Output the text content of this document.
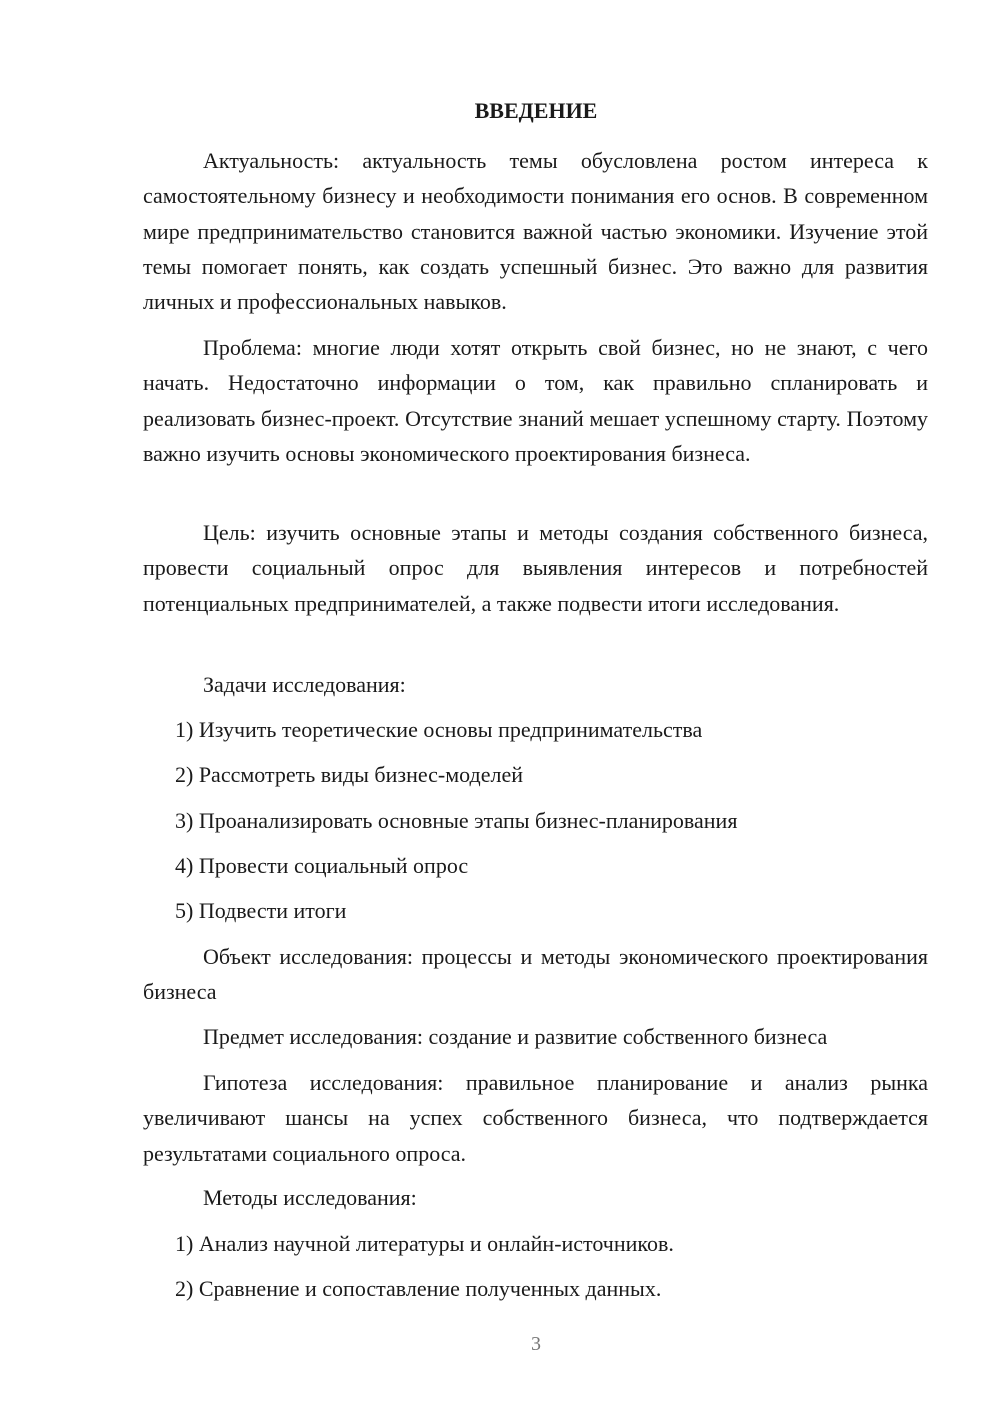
ВВЕДЕНИЕ

Актуальность: актуальность темы обусловлена ростом интереса к самостоятельному бизнесу и необходимости понимания его основ. В современном мире предпринимательство становится важной частью экономики. Изучение этой темы помогает понять, как создать успешный бизнес. Это важно для развития личных и профессиональных навыков.

Проблема: многие люди хотят открыть свой бизнес, но не знают, с чего начать. Недостаточно информации о том, как правильно спланировать и реализовать бизнес-проект. Отсутствие знаний мешает успешному старту. Поэтому важно изучить основы экономического проектирования бизнеса.

Цель: изучить основные этапы и методы создания собственного бизнеса, провести социальный опрос для выявления интересов и потребностей потенциальных предпринимателей, а также подвести итоги исследования.

Задачи исследования:
1) Изучить теоретические основы предпринимательства
2) Рассмотреть виды бизнес-моделей
3) Проанализировать основные этапы бизнес-планирования
4) Провести социальный опрос
5) Подвести итоги

Объект исследования: процессы и методы экономического проектирования бизнеса

Предмет исследования: создание и развитие собственного бизнеса

Гипотеза исследования: правильное планирование и анализ рынка увеличивают шансы на успех собственного бизнеса, что подтверждается результатами социального опроса.

Методы исследования:
1) Анализ научной литературы и онлайн-источников.
2) Сравнение и сопоставление полученных данных.
3
